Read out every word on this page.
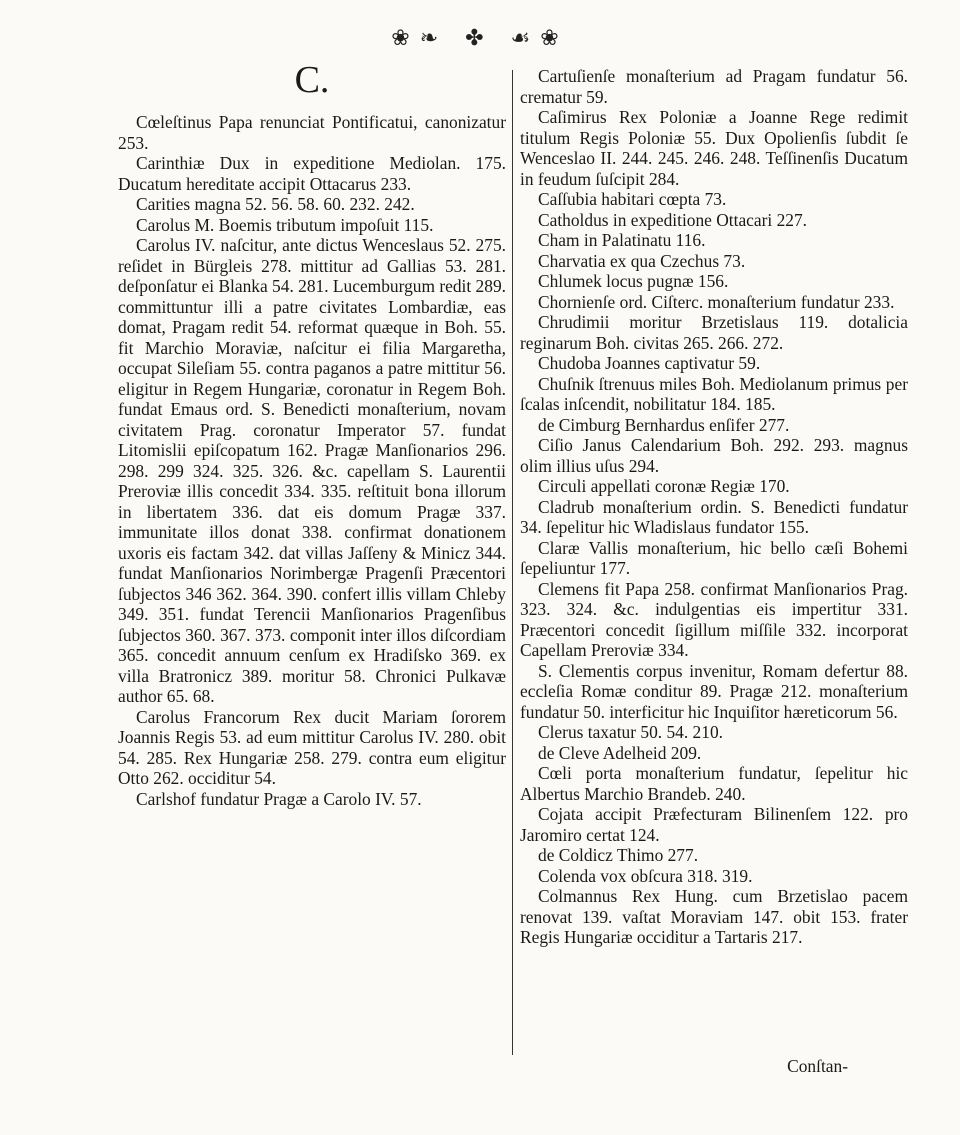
❀❧ ✤ ☙❀
C.

Cœleſtinus Papa renunciat Pontificatui, canonizatur 253.

Carinthiæ Dux in expeditione Mediolan. 175. Ducatum hereditate accipit Ottacarus 233.

Carities magna 52. 56. 58. 60. 232. 242.

Carolus M. Boemis tributum impoſuit 115.

Carolus IV. naſcitur, ante dictus Wenceslaus 52. 275. reſidet in Bürgleis 278. mittitur ad Gallias 53. 281. deſponſatur ei Blanka 54. 281. Lucemburgum redit 289. committuntur illi a patre civitates Lombardiæ, eas domat, Pragam redit 54. reformat quæque in Boh. 55. fit Marchio Moraviæ, naſcitur ei filia Margaretha, occupat Sileſiam 55. contra paganos a patre mittitur 56. eligitur in Regem Hungariæ, coronatur in Regem Boh. fundat Emaus ord. S. Benedicti monaſterium, novam civitatem Prag. coronatur Imperator 57. fundat Litomislii epiſcopatum 162. Pragæ Manſionarios 296. 298. 299 324. 325. 326. &c. capellam S. Laurentii Preroviæ illis concedit 334. 335. reſtituit bona illorum in libertatem 336. dat eis domum Pragæ 337. immunitate illos donat 338. confirmat donationem uxoris eis factam 342. dat villas Jaſſeny & Minicz 344. fundat Manſionarios Norimbergæ Pragenſi Præcentori ſubjectos 346 362. 364. 390. confert illis villam Chleby 349. 351. fundat Terencii Manſionarios Pragenſibus ſubjectos 360. 367. 373. componit inter illos diſcordiam 365. concedit annuum cenſum ex Hradiſsko 369. ex villa Bratronicz 389. moritur 58. Chronici Pulkavæ author 65. 68.

Carolus Francorum Rex ducit Mariam ſororem Joannis Regis 53. ad eum mittitur Carolus IV. 280. obit 54. 285. Rex Hungariæ 258. 279. contra eum eligitur Otto 262. occiditur 54.

Carlshof fundatur Pragæ a Carolo IV. 57.

Cartuſienſe monaſterium ad Pragam fundatur 56. crematur 59.

Caſimirus Rex Poloniæ a Joanne Rege redimit titulum Regis Poloniæ 55. Dux Opolienſis ſubdit ſe Wenceslao II. 244. 245. 246. 248. Teſſinenſis Ducatum in feudum ſuſcipit 284.

Caſſubia habitari cœpta 73.

Catholdus in expeditione Ottacari 227.

Cham in Palatinatu 116.

Charvatia ex qua Czechus 73.

Chlumek locus pugnæ 156.

Chornienſe ord. Ciſterc. monaſterium fundatur 233.

Chrudimii moritur Brzetislaus 119. dotalicia reginarum Boh. civitas 265. 266. 272.

Chudoba Joannes captivatur 59.

Chuſnik ſtrenuus miles Boh. Mediolanum primus per ſcalas inſcendit, nobilitatur 184. 185.

de Cimburg Bernhardus enſifer 277.

Ciſio Janus Calendarium Boh. 292. 293. magnus olim illius uſus 294.

Circuli appellati coronæ Regiæ 170.

Cladrub monaſterium ordin. S. Benedicti fundatur 34. ſepelitur hic Wladislaus fundator 155.

Claræ Vallis monaſterium, hic bello cæſi Bohemi ſepeliuntur 177.

Clemens fit Papa 258. confirmat Manſionarios Prag. 323. 324. &c. indulgentias eis impertitur 331. Præcentori concedit ſigillum miſſile 332. incorporat Capellam Preroviæ 334.

S. Clementis corpus invenitur, Romam defertur 88. eccleſia Romæ conditur 89. Pragæ 212. monaſterium fundatur 50. interficitur hic Inquiſitor hæreticorum 56.

Clerus taxatur 50. 54. 210.

de Cleve Adelheid 209.

Cœli porta monaſterium fundatur, ſepelitur hic Albertus Marchio Brandeb. 240.

Cojata accipit Præfecturam Bilinenſem 122. pro Jaromiro certat 124.

de Coldicz Thimo 277.

Colenda vox obſcura 318. 319.

Colmannus Rex Hung. cum Brzetislao pacem renovat 139. vaſtat Moraviam 147. obit 153. frater Regis Hungariæ occiditur a Tartaris 217.

Conſtan-
